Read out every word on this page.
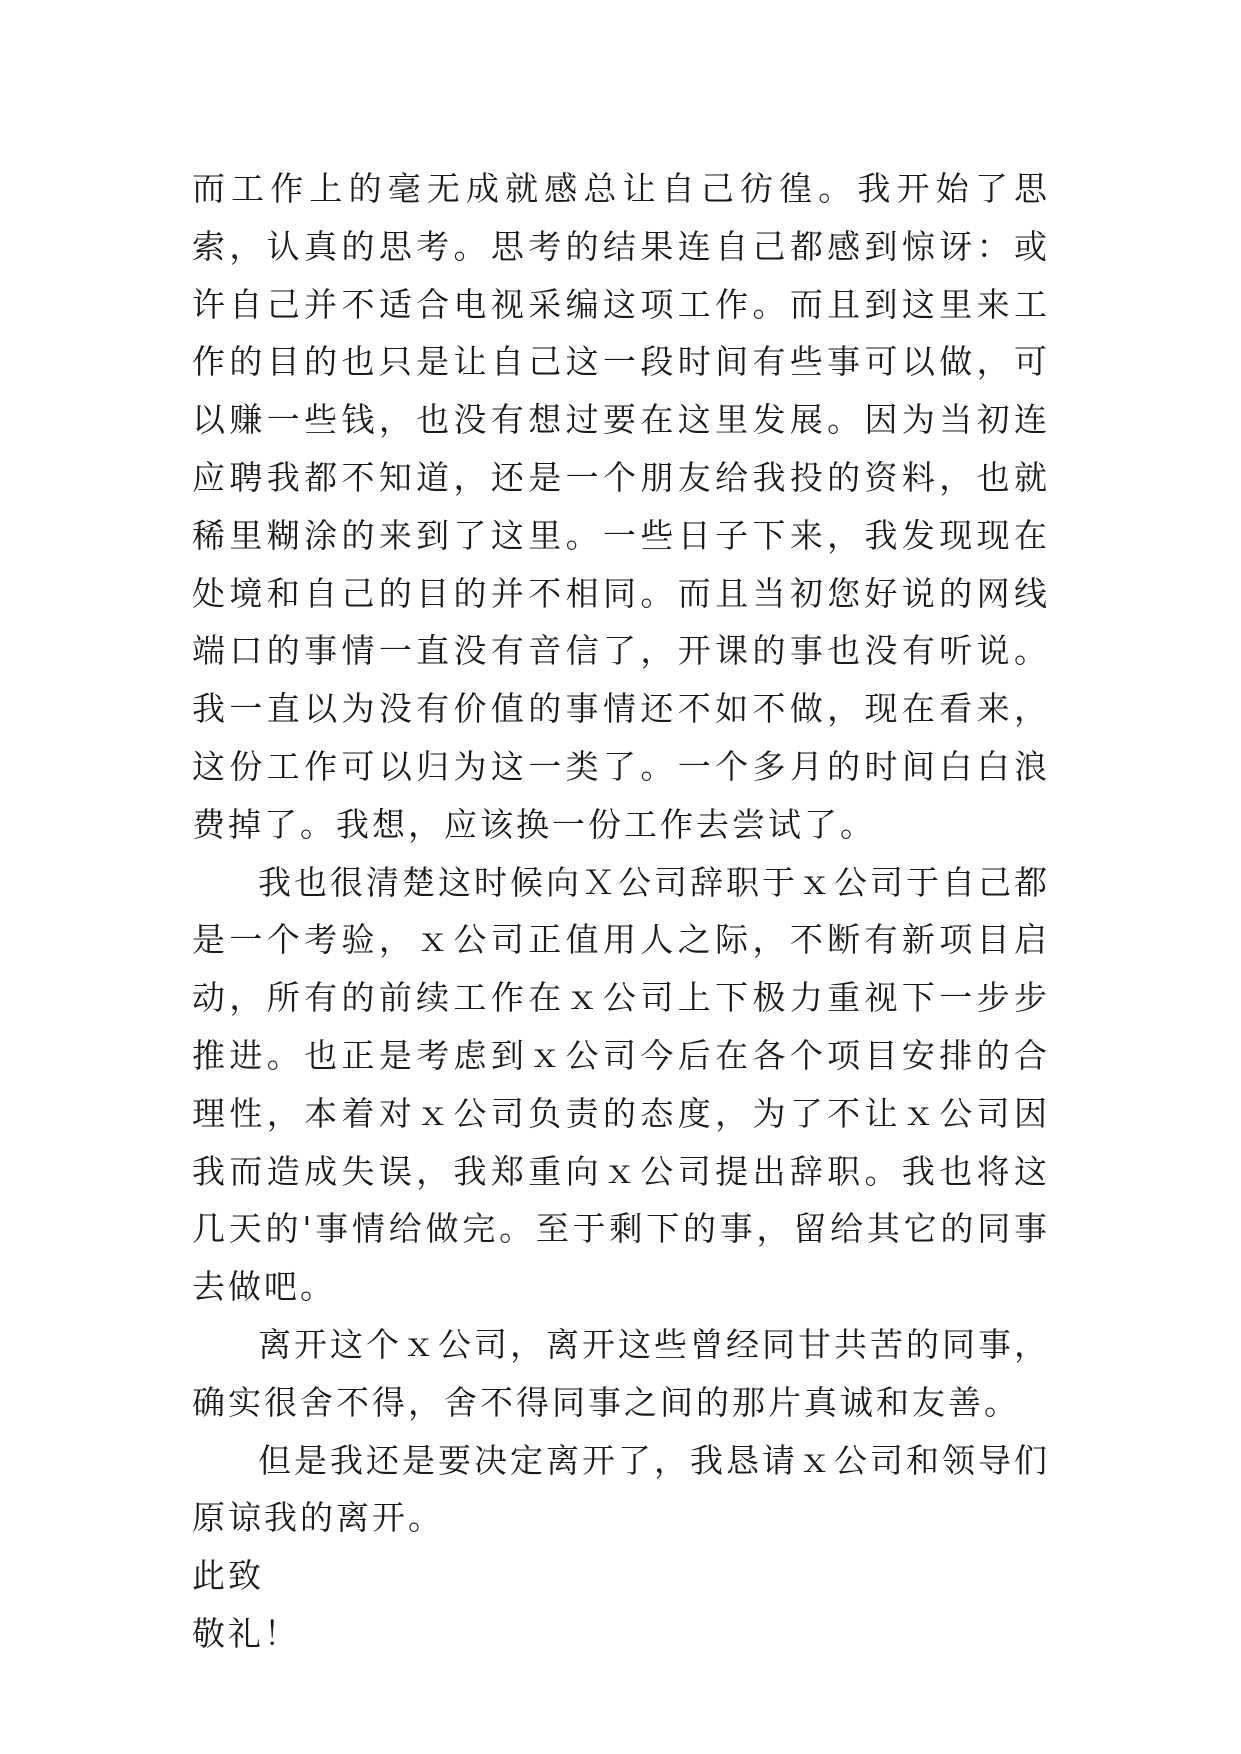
而工作上的毫无成就感总让自己彷徨。我开始了思索，认真的思考。思考的结果连自己都感到惊讶：或许自己并不适合电视采编这项工作。而且到这里来工作的目的也只是让自己这一段时间有些事可以做，可以赚一些钱，也没有想过要在这里发展。因为当初连应聘我都不知道，还是一个朋友给我投的资料，也就稀里糊涂的来到了这里。一些日子下来，我发现现在处境和自己的目的并不相同。而且当初您好说的网线端口的事情一直没有音信了，开课的事也没有听说。我一直以为没有价值的事情还不如不做，现在看来，这份工作可以归为这一类了。一个多月的时间白白浪费掉了。我想，应该换一份工作去尝试了。

我也很清楚这时候向Ｘ公司辞职于ｘ公司于自己都是一个考验，ｘ公司正值用人之际，不断有新项目启动，所有的前续工作在ｘ公司上下极力重视下一步步推进。也正是考虑到ｘ公司今后在各个项目安排的合理性，本着对ｘ公司负责的态度，为了不让ｘ公司因我而造成失误，我郑重向ｘ公司提出辞职。我也将这几天的'事情给做完。至于剩下的事，留给其它的同事去做吧。

离开这个ｘ公司，离开这些曾经同甘共苦的同事，确实很舍不得，舍不得同事之间的那片真诚和友善。

但是我还是要决定离开了，我恳请ｘ公司和领导们原谅我的离开。

此致

敬礼！
